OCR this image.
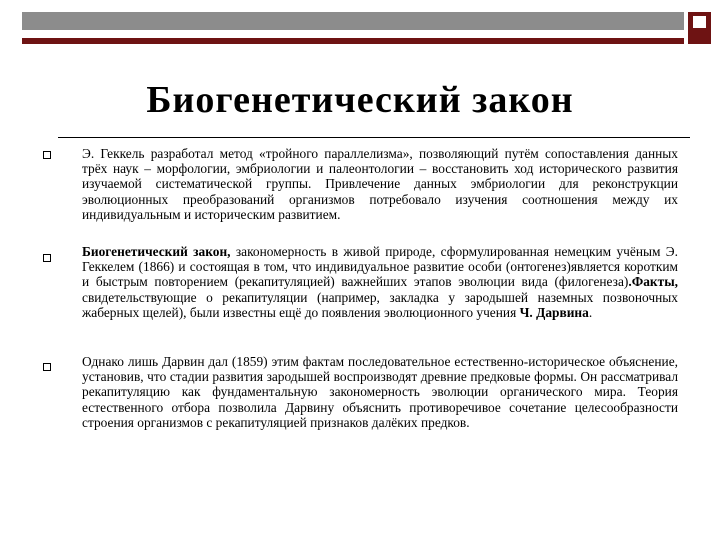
Биогенетический закон
Э. Геккель разработал метод «тройного параллелизма», позволяющий путём сопоставления данных трёх наук – морфологии, эмбриологии и палеонтологии – восстановить ход исторического развития изучаемой систематической группы. Привлечение данных эмбриологии для реконструкции эволюционных преобразований организмов потребовало изучения соотношения между их индивидуальным и историческим развитием.
Биогенетический закон, закономерность в живой природе, сформулированная немецким учёным Э. Геккелем (1866) и состоящая в том, что индивидуальное развитие особи (онтогенез)является коротким и быстрым повторением (рекапитуляцией) важнейших этапов эволюции вида (филогенеза).Факты, свидетельствующие о рекапитуляции (например, закладка у зародышей наземных позвоночных жаберных щелей), были известны ещё до появления эволюционного учения Ч. Дарвина.
Однако лишь Дарвин дал (1859) этим фактам последовательное естественно-историческое объяснение, установив, что стадии развития зародышей воспроизводят древние предковые формы. Он рассматривал рекапитуляцию как фундаментальную закономерность эволюции органического мира. Теория естественного отбора позволила Дарвину объяснить противоречивое сочетание целесообразности строения организмов с рекапитуляцией признаков далёких предков.
